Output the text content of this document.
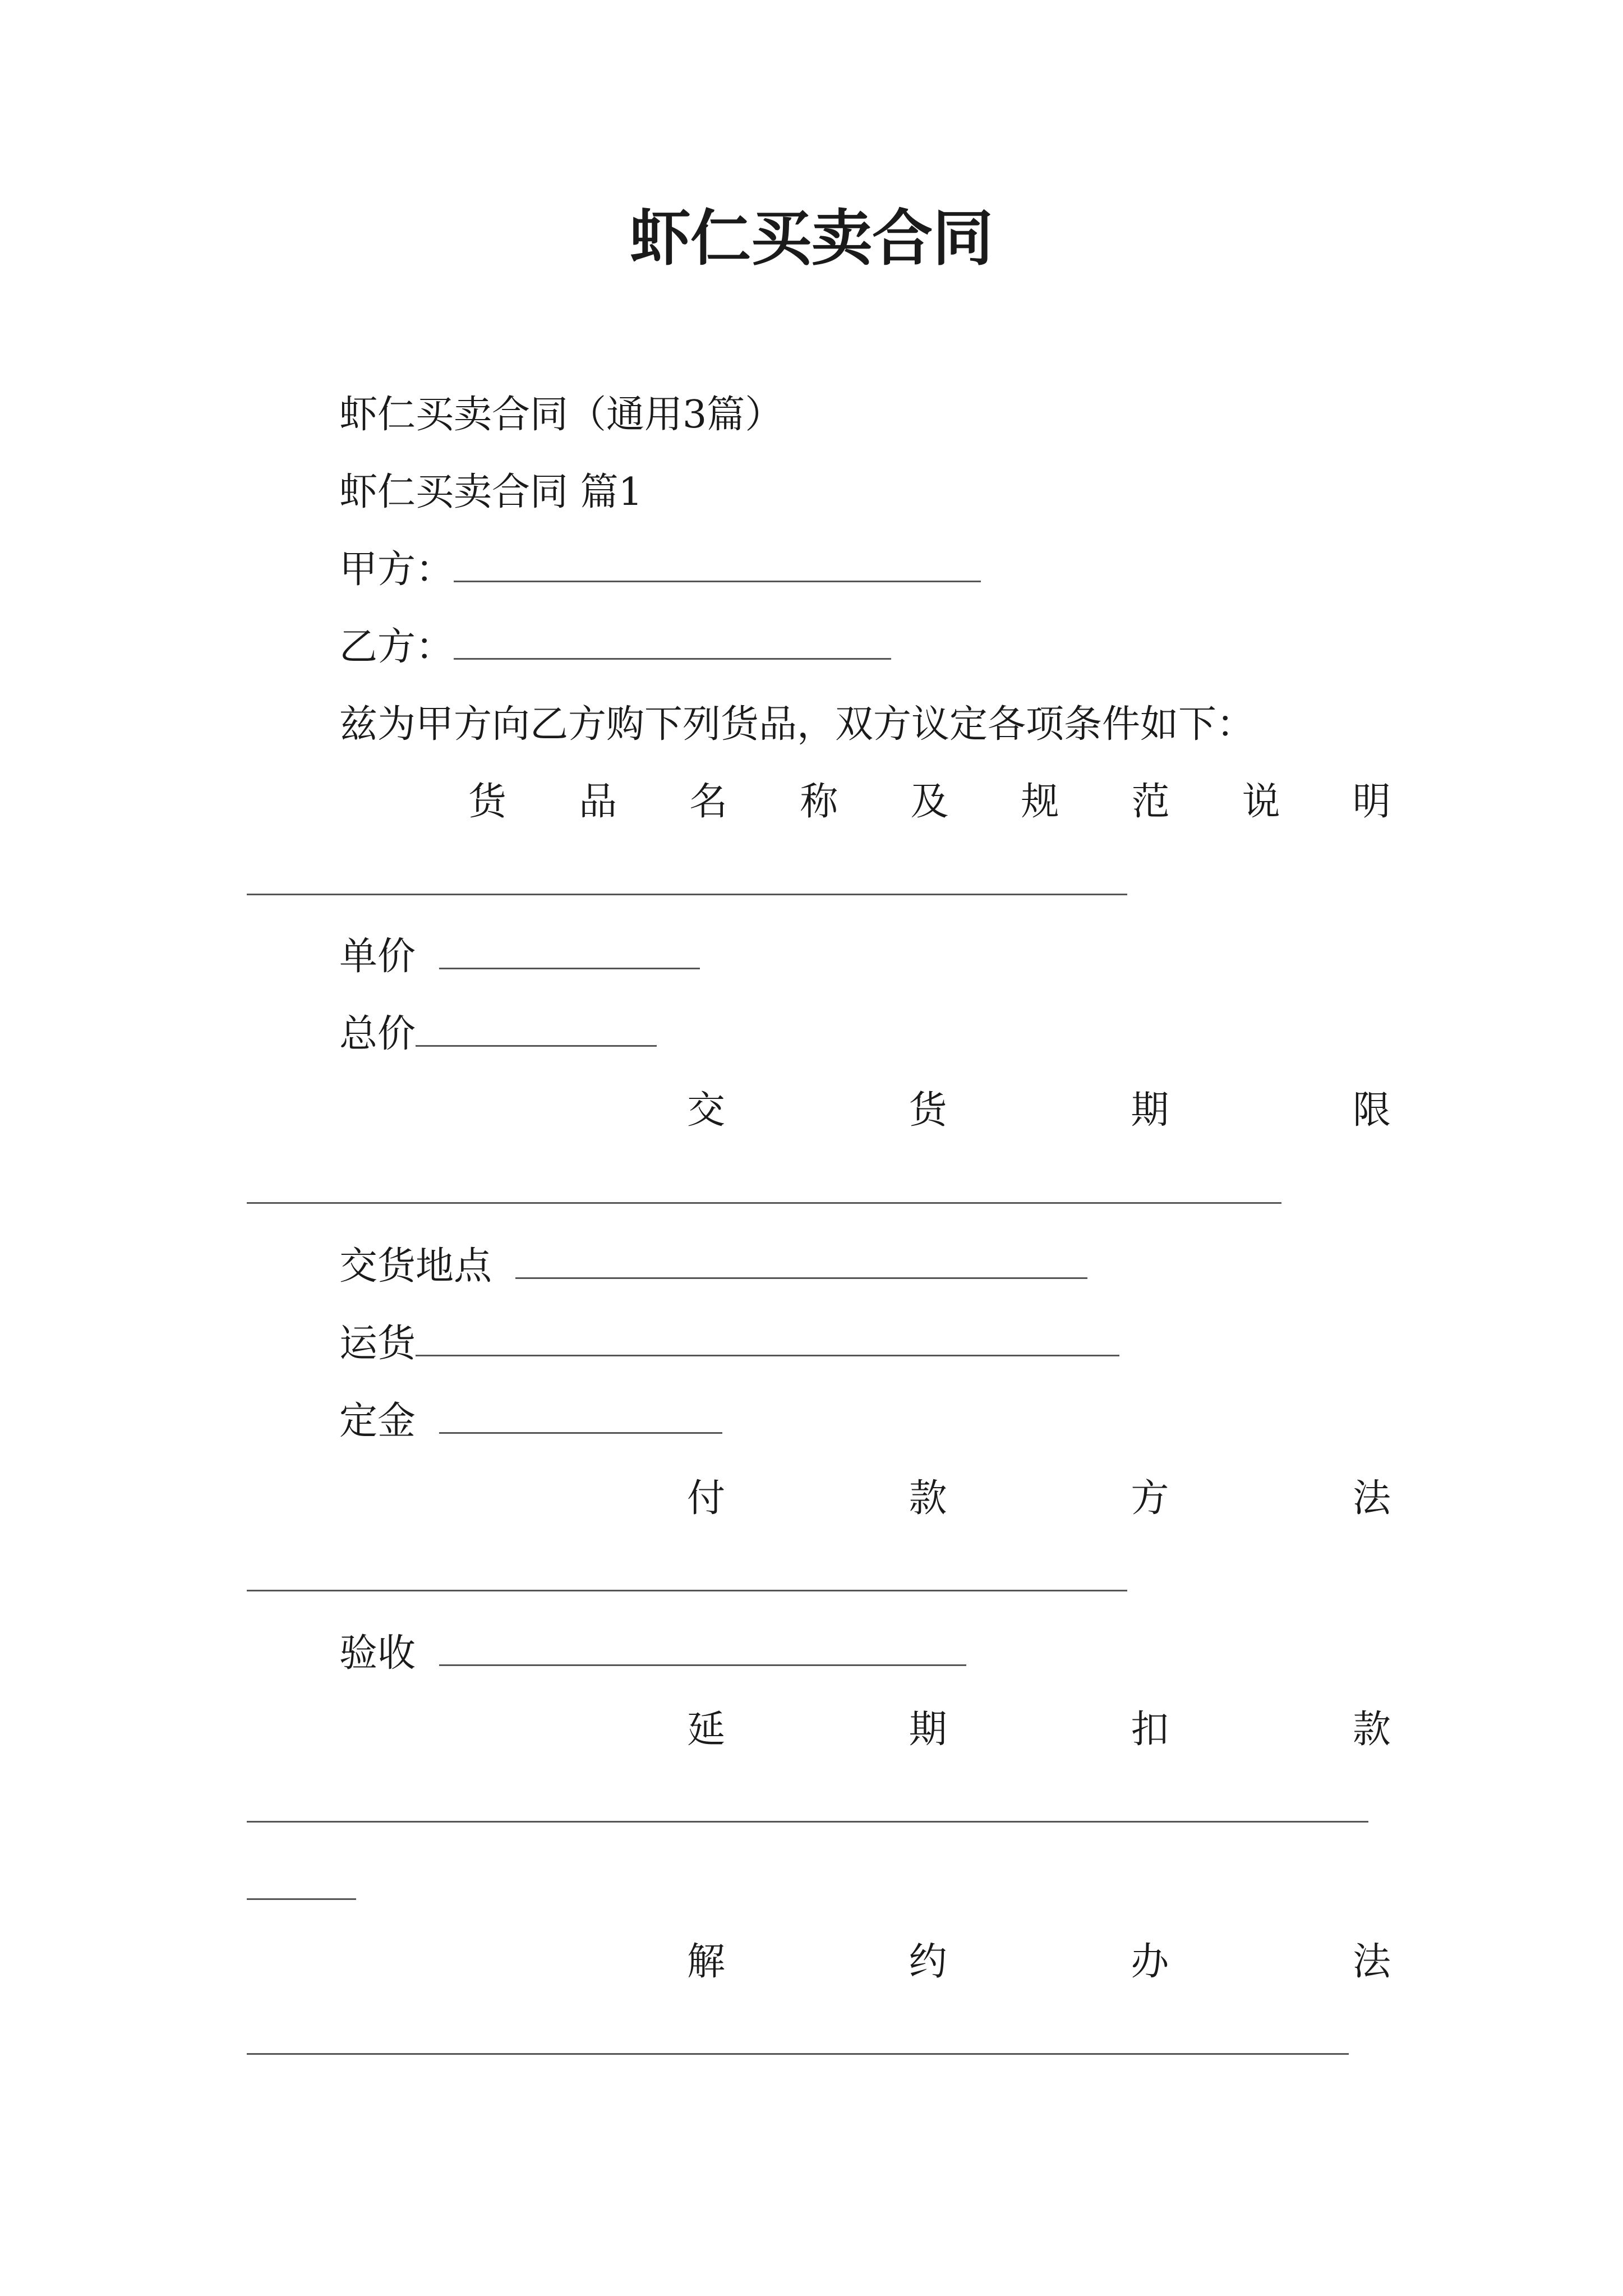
虾仁买卖合同
虾仁买卖合同（通用3篇）
虾仁买卖合同 篇1
甲方：
乙方：
兹为甲方向乙方购下列货品，双方议定各项条件如下：
货 品 名 称 及 规 范 说 明
单价
总价
交	货	期	限
交货地点
运货
定金
付	款	方	法
验收
延	期	扣	款
解	约	办	法
